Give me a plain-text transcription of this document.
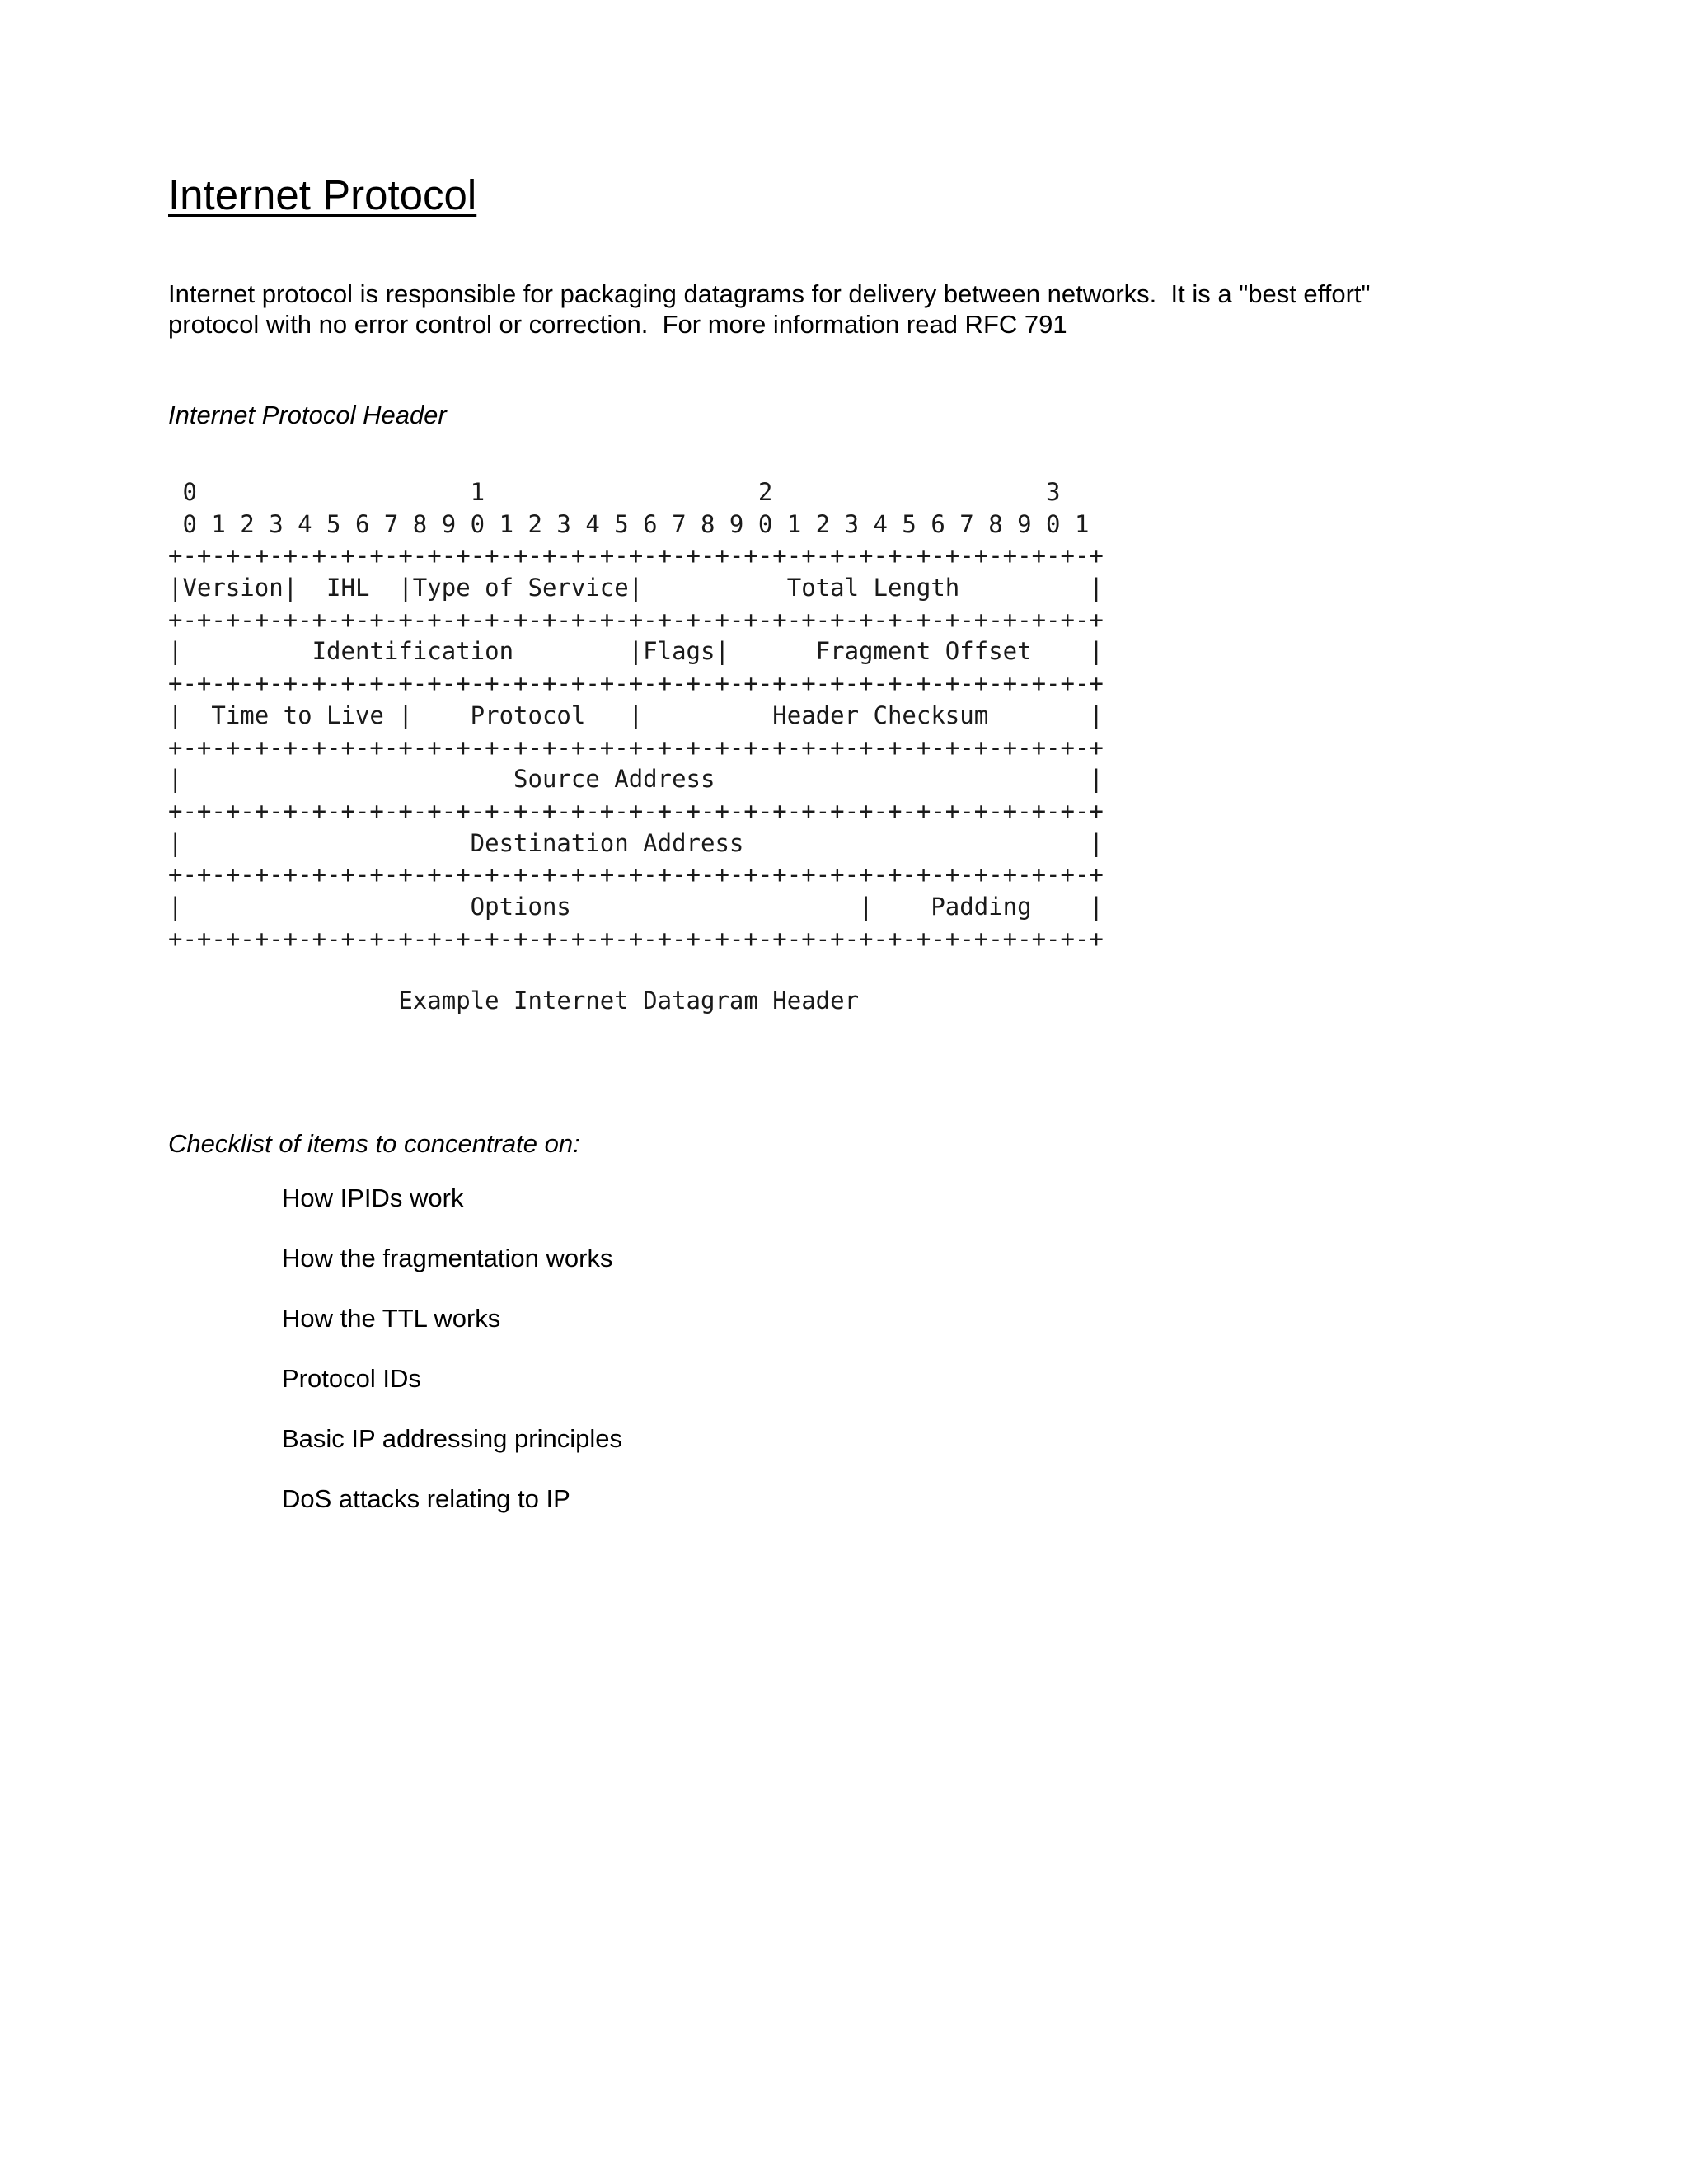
Internet Protocol

Internet protocol is responsible for packaging datagrams for delivery between networks.  It is a "best effort"
protocol with no error control or correction.  For more information read RFC 791

Internet Protocol Header
0                   1                   2                   3
0 1 2 3 4 5 6 7 8 9 0 1 2 3 4 5 6 7 8 9 0 1 2 3 4 5 6 7 8 9 0 1
+-+-+-+-+-+-+-+-+-+-+-+-+-+-+-+-+-+-+-+-+-+-+-+-+-+-+-+-+-+-+-+-+
|Version|  IHL  |Type of Service|          Total Length         |
+-+-+-+-+-+-+-+-+-+-+-+-+-+-+-+-+-+-+-+-+-+-+-+-+-+-+-+-+-+-+-+-+
|         Identification        |Flags|      Fragment Offset    |
+-+-+-+-+-+-+-+-+-+-+-+-+-+-+-+-+-+-+-+-+-+-+-+-+-+-+-+-+-+-+-+-+
|  Time to Live |    Protocol   |         Header Checksum       |
+-+-+-+-+-+-+-+-+-+-+-+-+-+-+-+-+-+-+-+-+-+-+-+-+-+-+-+-+-+-+-+-+
|                       Source Address                          |
+-+-+-+-+-+-+-+-+-+-+-+-+-+-+-+-+-+-+-+-+-+-+-+-+-+-+-+-+-+-+-+-+
|                    Destination Address                        |
+-+-+-+-+-+-+-+-+-+-+-+-+-+-+-+-+-+-+-+-+-+-+-+-+-+-+-+-+-+-+-+-+
|                    Options                    |    Padding    |
+-+-+-+-+-+-+-+-+-+-+-+-+-+-+-+-+-+-+-+-+-+-+-+-+-+-+-+-+-+-+-+-+
Example Internet Datagram Header
Checklist of items to concentrate on:
How IPIDs work
How the fragmentation works
How the TTL works
Protocol IDs
Basic IP addressing principles
DoS attacks relating to IP
